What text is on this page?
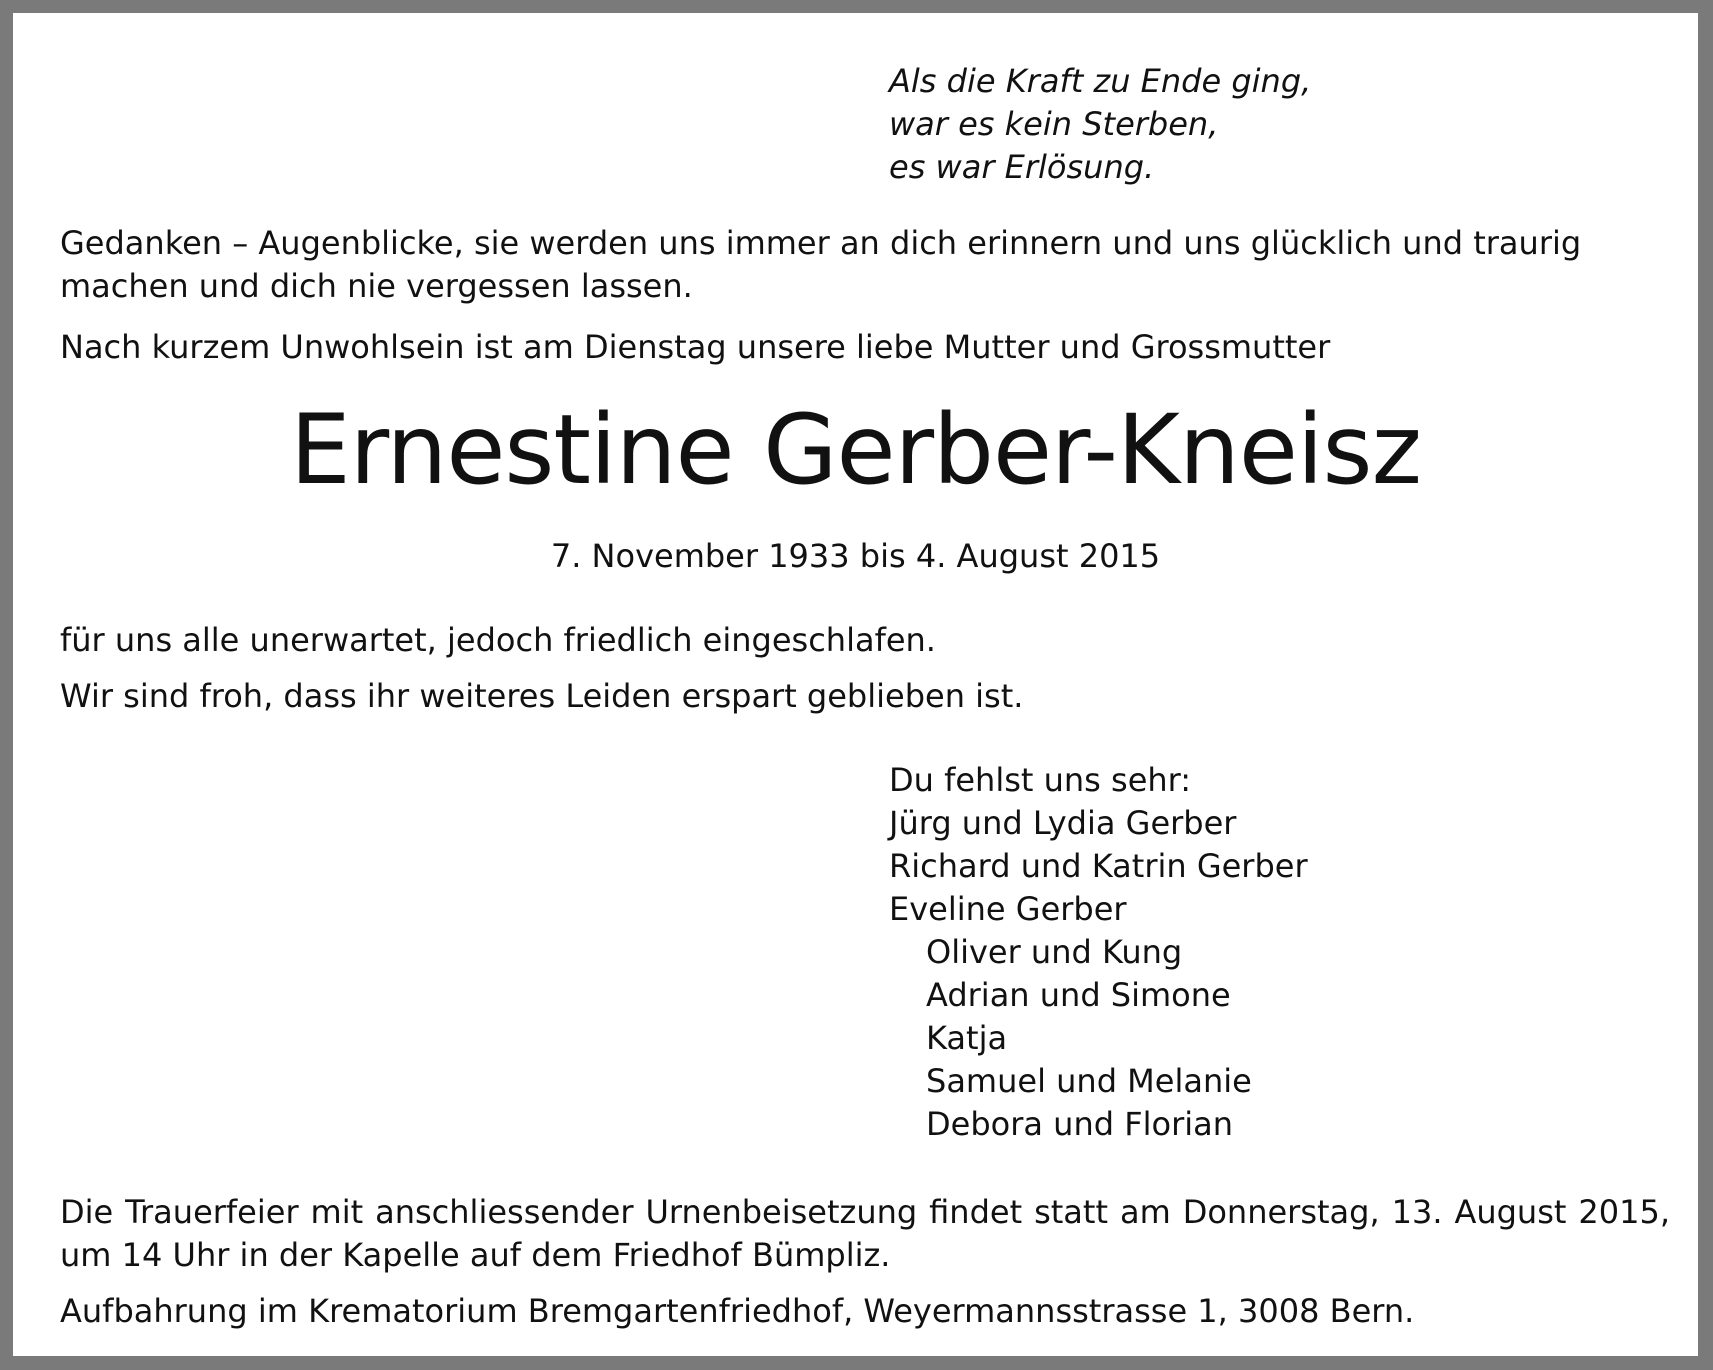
Als die Kraft zu Ende ging,
war es kein Sterben,
es war Erlösung.

Gedanken – Augenblicke, sie werden uns immer an dich erinnern und uns glücklich und traurig machen und dich nie vergessen lassen.

Nach kurzem Unwohlsein ist am Dienstag unsere liebe Mutter und Grossmutter

Ernestine Gerber-Kneisz
7. November 1933 bis 4. August 2015

für uns alle unerwartet, jedoch friedlich eingeschlafen.

Wir sind froh, dass ihr weiteres Leiden erspart geblieben ist.

Du fehlst uns sehr:
Jürg und Lydia Gerber
Richard und Katrin Gerber
Eveline Gerber
Oliver und Kung
Adrian und Simone
Katja
Samuel und Melanie
Debora und Florian

Die Trauerfeier mit anschliessender Urnenbeisetzung findet statt am Donnerstag, 13. August 2015,

um 14 Uhr in der Kapelle auf dem Friedhof Bümpliz.

Aufbahrung im Krematorium Bremgartenfriedhof, Weyermannsstrasse 1, 3008 Bern.
